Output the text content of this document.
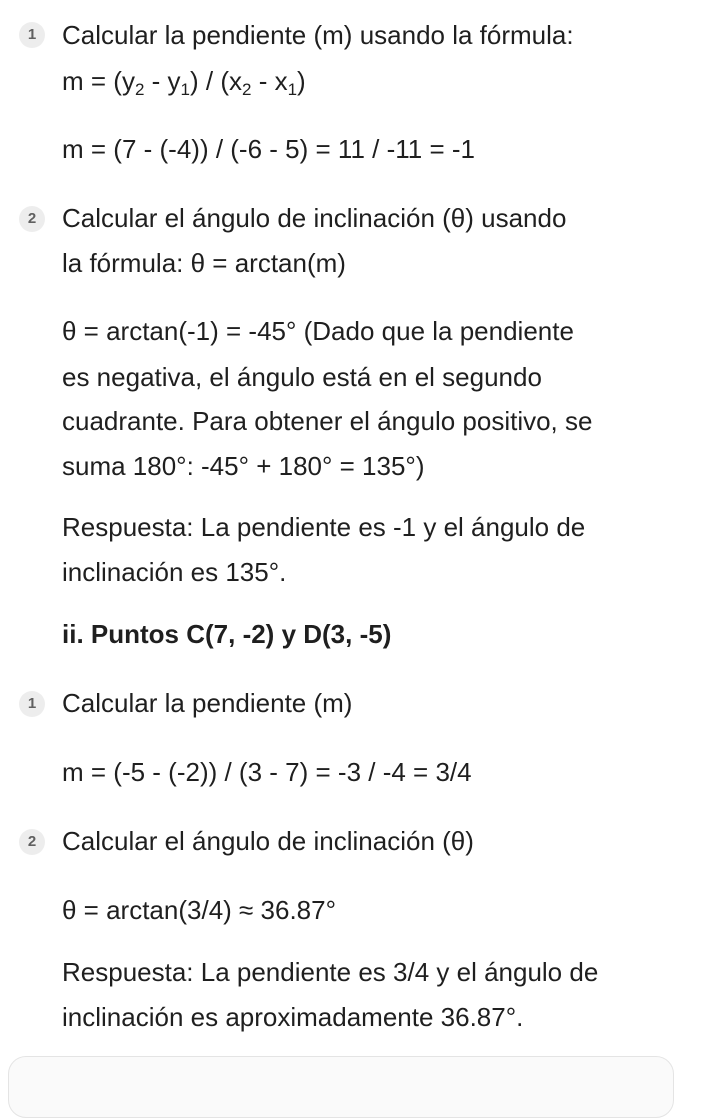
1 Calcular la pendiente (m) usando la fórmula:
$m = (y_2 - y_1) / (x_2 - x_1)$
m = (7 - (-4)) / (-6 - 5) = 11 / -11 = -1
2 Calcular el ángulo de inclinación (θ) usando
la fórmula: θ = arctan(m)
θ = arctan(-1) = -45° (Dado que la pendiente
es negativa, el ángulo está en el segundo
cuadrante. Para obtener el ángulo positivo, se
suma 180°: -45° + 180° = 135°)
Respuesta: La pendiente es -1 y el ángulo de
inclinación es 135°.
ii. Puntos C(7, -2) y D(3, -5)
1 Calcular la pendiente (m)
m = (-5 - (-2)) / (3 - 7) = -3 / -4 = 3/4
2 Calcular el ángulo de inclinación (θ)
θ = arctan(3/4) ≈ 36.87°
Respuesta: La pendiente es 3/4 y el ángulo de
inclinación es aproximadamente 36.87°.
